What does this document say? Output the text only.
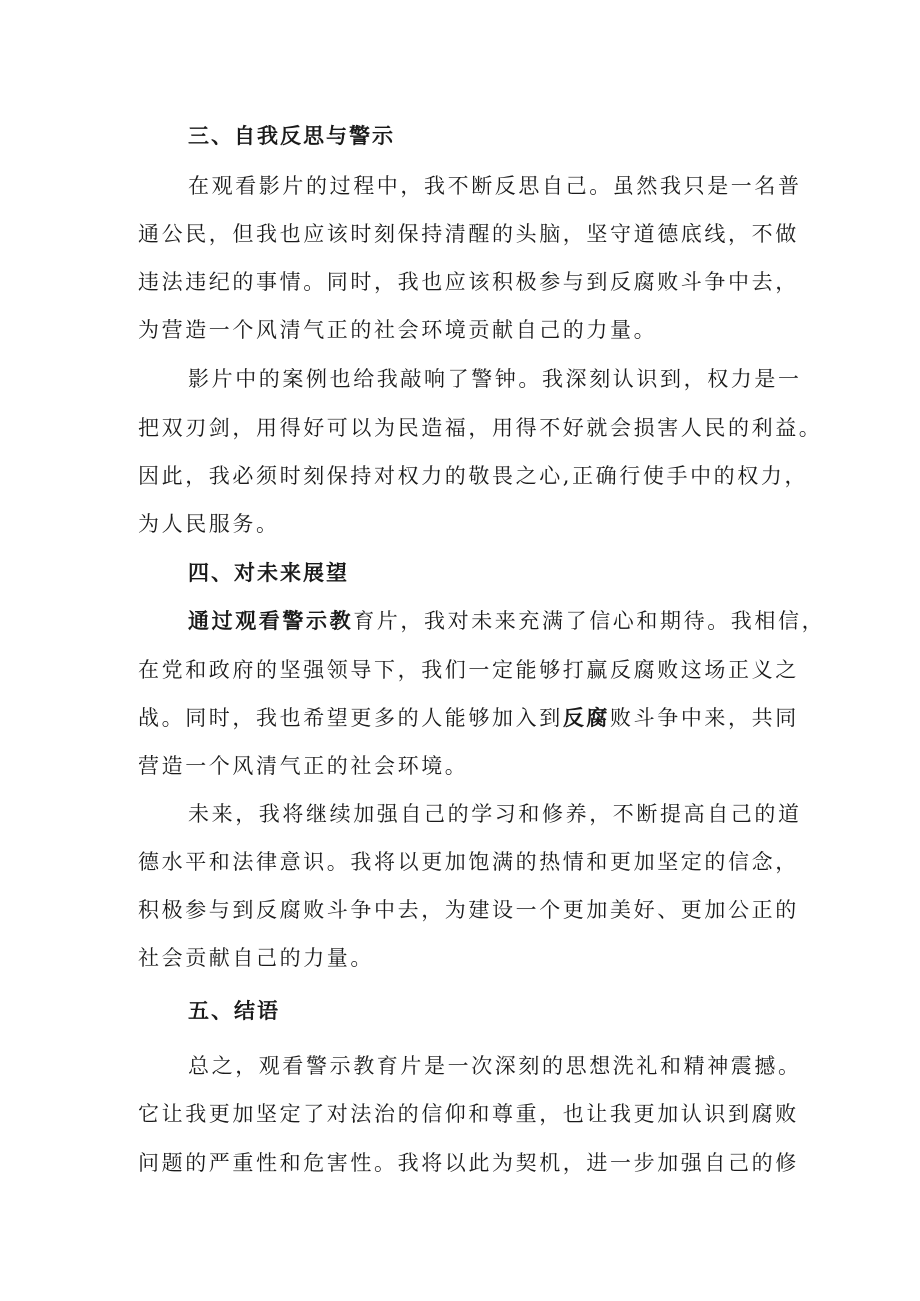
三、自我反思与警示
在观看影片的过程中，我不断反思自己。虽然我只是一名普
通公民，但我也应该时刻保持清醒的头脑，坚守道德底线，不做
违法违纪的事情。同时，我也应该积极参与到反腐败斗争中去，
为营造一个风清气正的社会环境贡献自己的力量。
影片中的案例也给我敲响了警钟。我深刻认识到，权力是一
把双刃剑，用得好可以为民造福，用得不好就会损害人民的利益。
因此，我必须时刻保持对权力的敬畏之心,正确行使手中的权力，
为人民服务。
四、对未来展望
通过观看警示教育片，我对未来充满了信心和期待。我相信，
在党和政府的坚强领导下，我们一定能够打赢反腐败这场正义之
战。同时，我也希望更多的人能够加入到反腐败斗争中来，共同
营造一个风清气正的社会环境。
未来，我将继续加强自己的学习和修养，不断提高自己的道
德水平和法律意识。我将以更加饱满的热情和更加坚定的信念，
积极参与到反腐败斗争中去，为建设一个更加美好、更加公正的
社会贡献自己的力量。
五、结语
总之，观看警示教育片是一次深刻的思想洗礼和精神震撼。
它让我更加坚定了对法治的信仰和尊重，也让我更加认识到腐败
问题的严重性和危害性。我将以此为契机，进一步加强自己的修
